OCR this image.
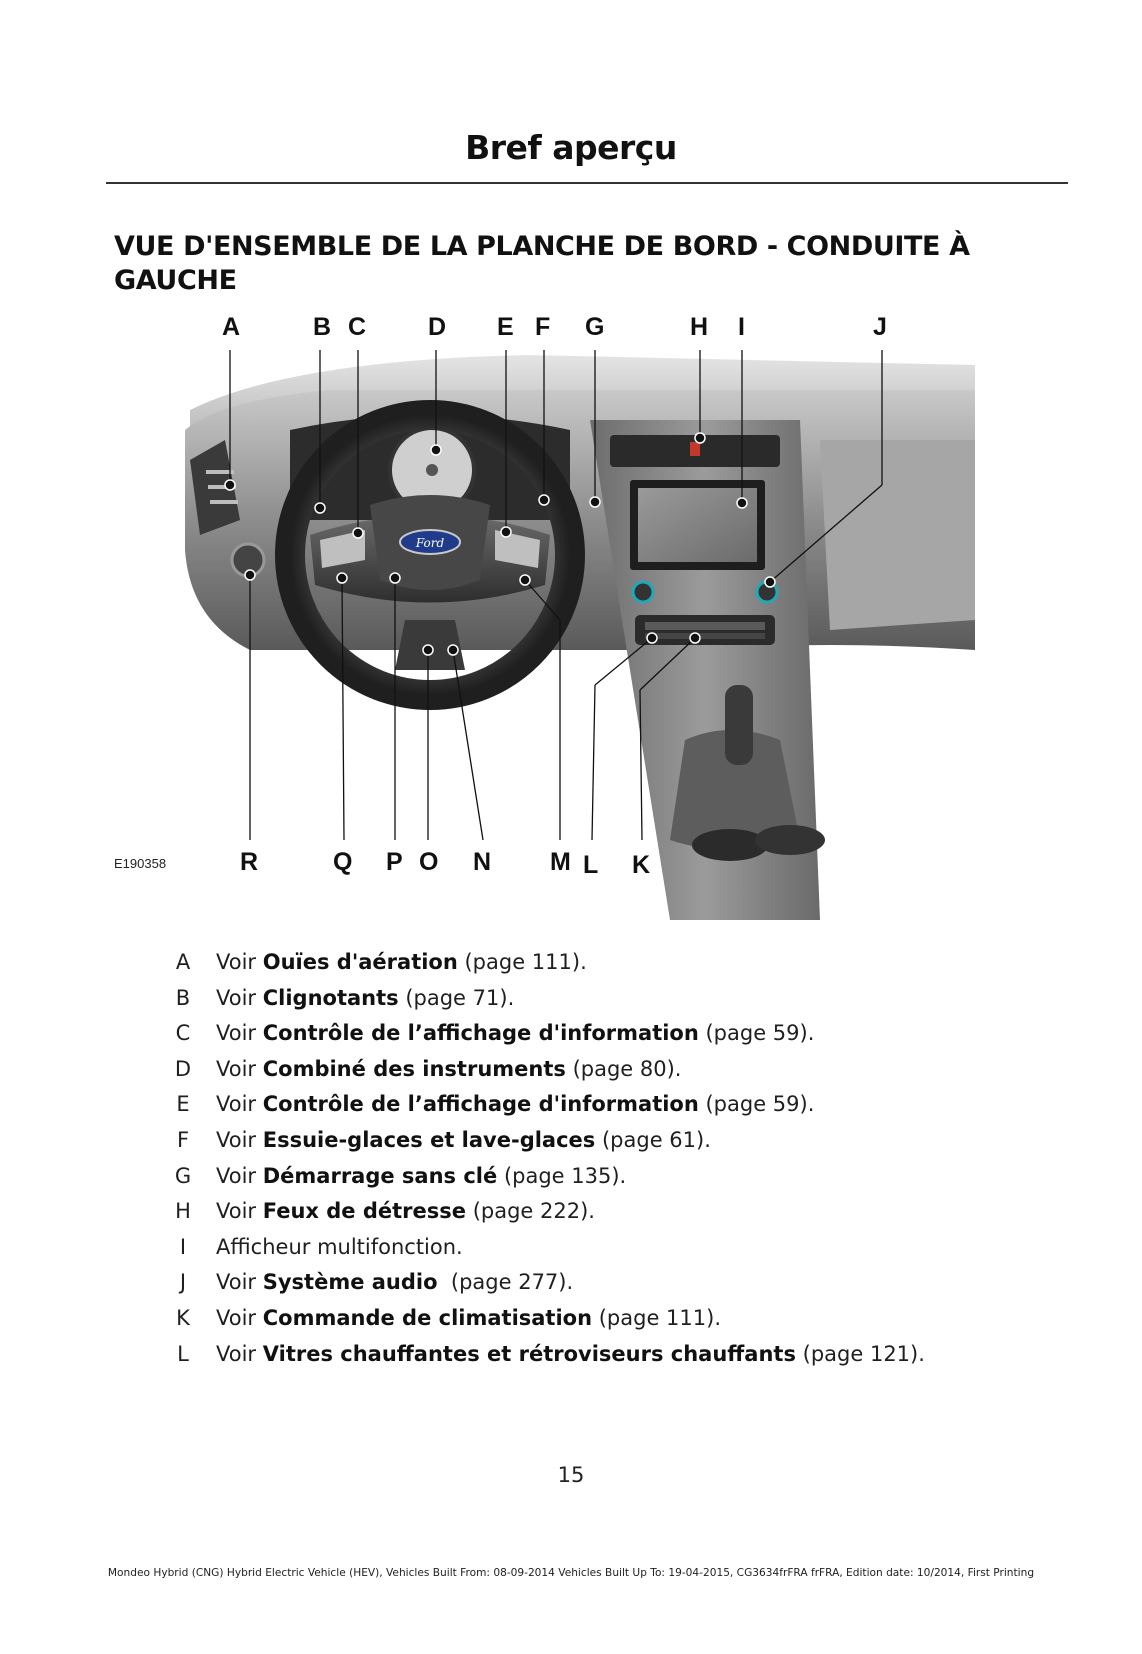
Bref aperçu
VUE D'ENSEMBLE DE LA PLANCHE DE BORD - CONDUITE À GAUCHE
Ford
A	B C D E F G	H I	J
R	Q P O N M L K
E190358
A	Voir Ouïes d'aération (page 111).
B	Voir Clignotants (page 71).
C	Voir Contrôle de l’affichage d'information (page 59).
D	Voir Combiné des instruments (page 80).
E	Voir Contrôle de l’affichage d'information (page 59).
F	Voir Essuie-glaces et lave-glaces (page 61).
G	Voir Démarrage sans clé (page 135).
H	Voir Feux de détresse (page 222).
I	Afficheur multifonction.
J	Voir Système audio  (page 277).
K	Voir Commande de climatisation (page 111).
L	Voir Vitres chauffantes et rétroviseurs chauffants (page 121).
15
Mondeo Hybrid (CNG) Hybrid Electric Vehicle (HEV), Vehicles Built From: 08-09-2014 Vehicles Built Up To: 19-04-2015, CG3634frFRA frFRA, Edition date: 10/2014, First Printing
